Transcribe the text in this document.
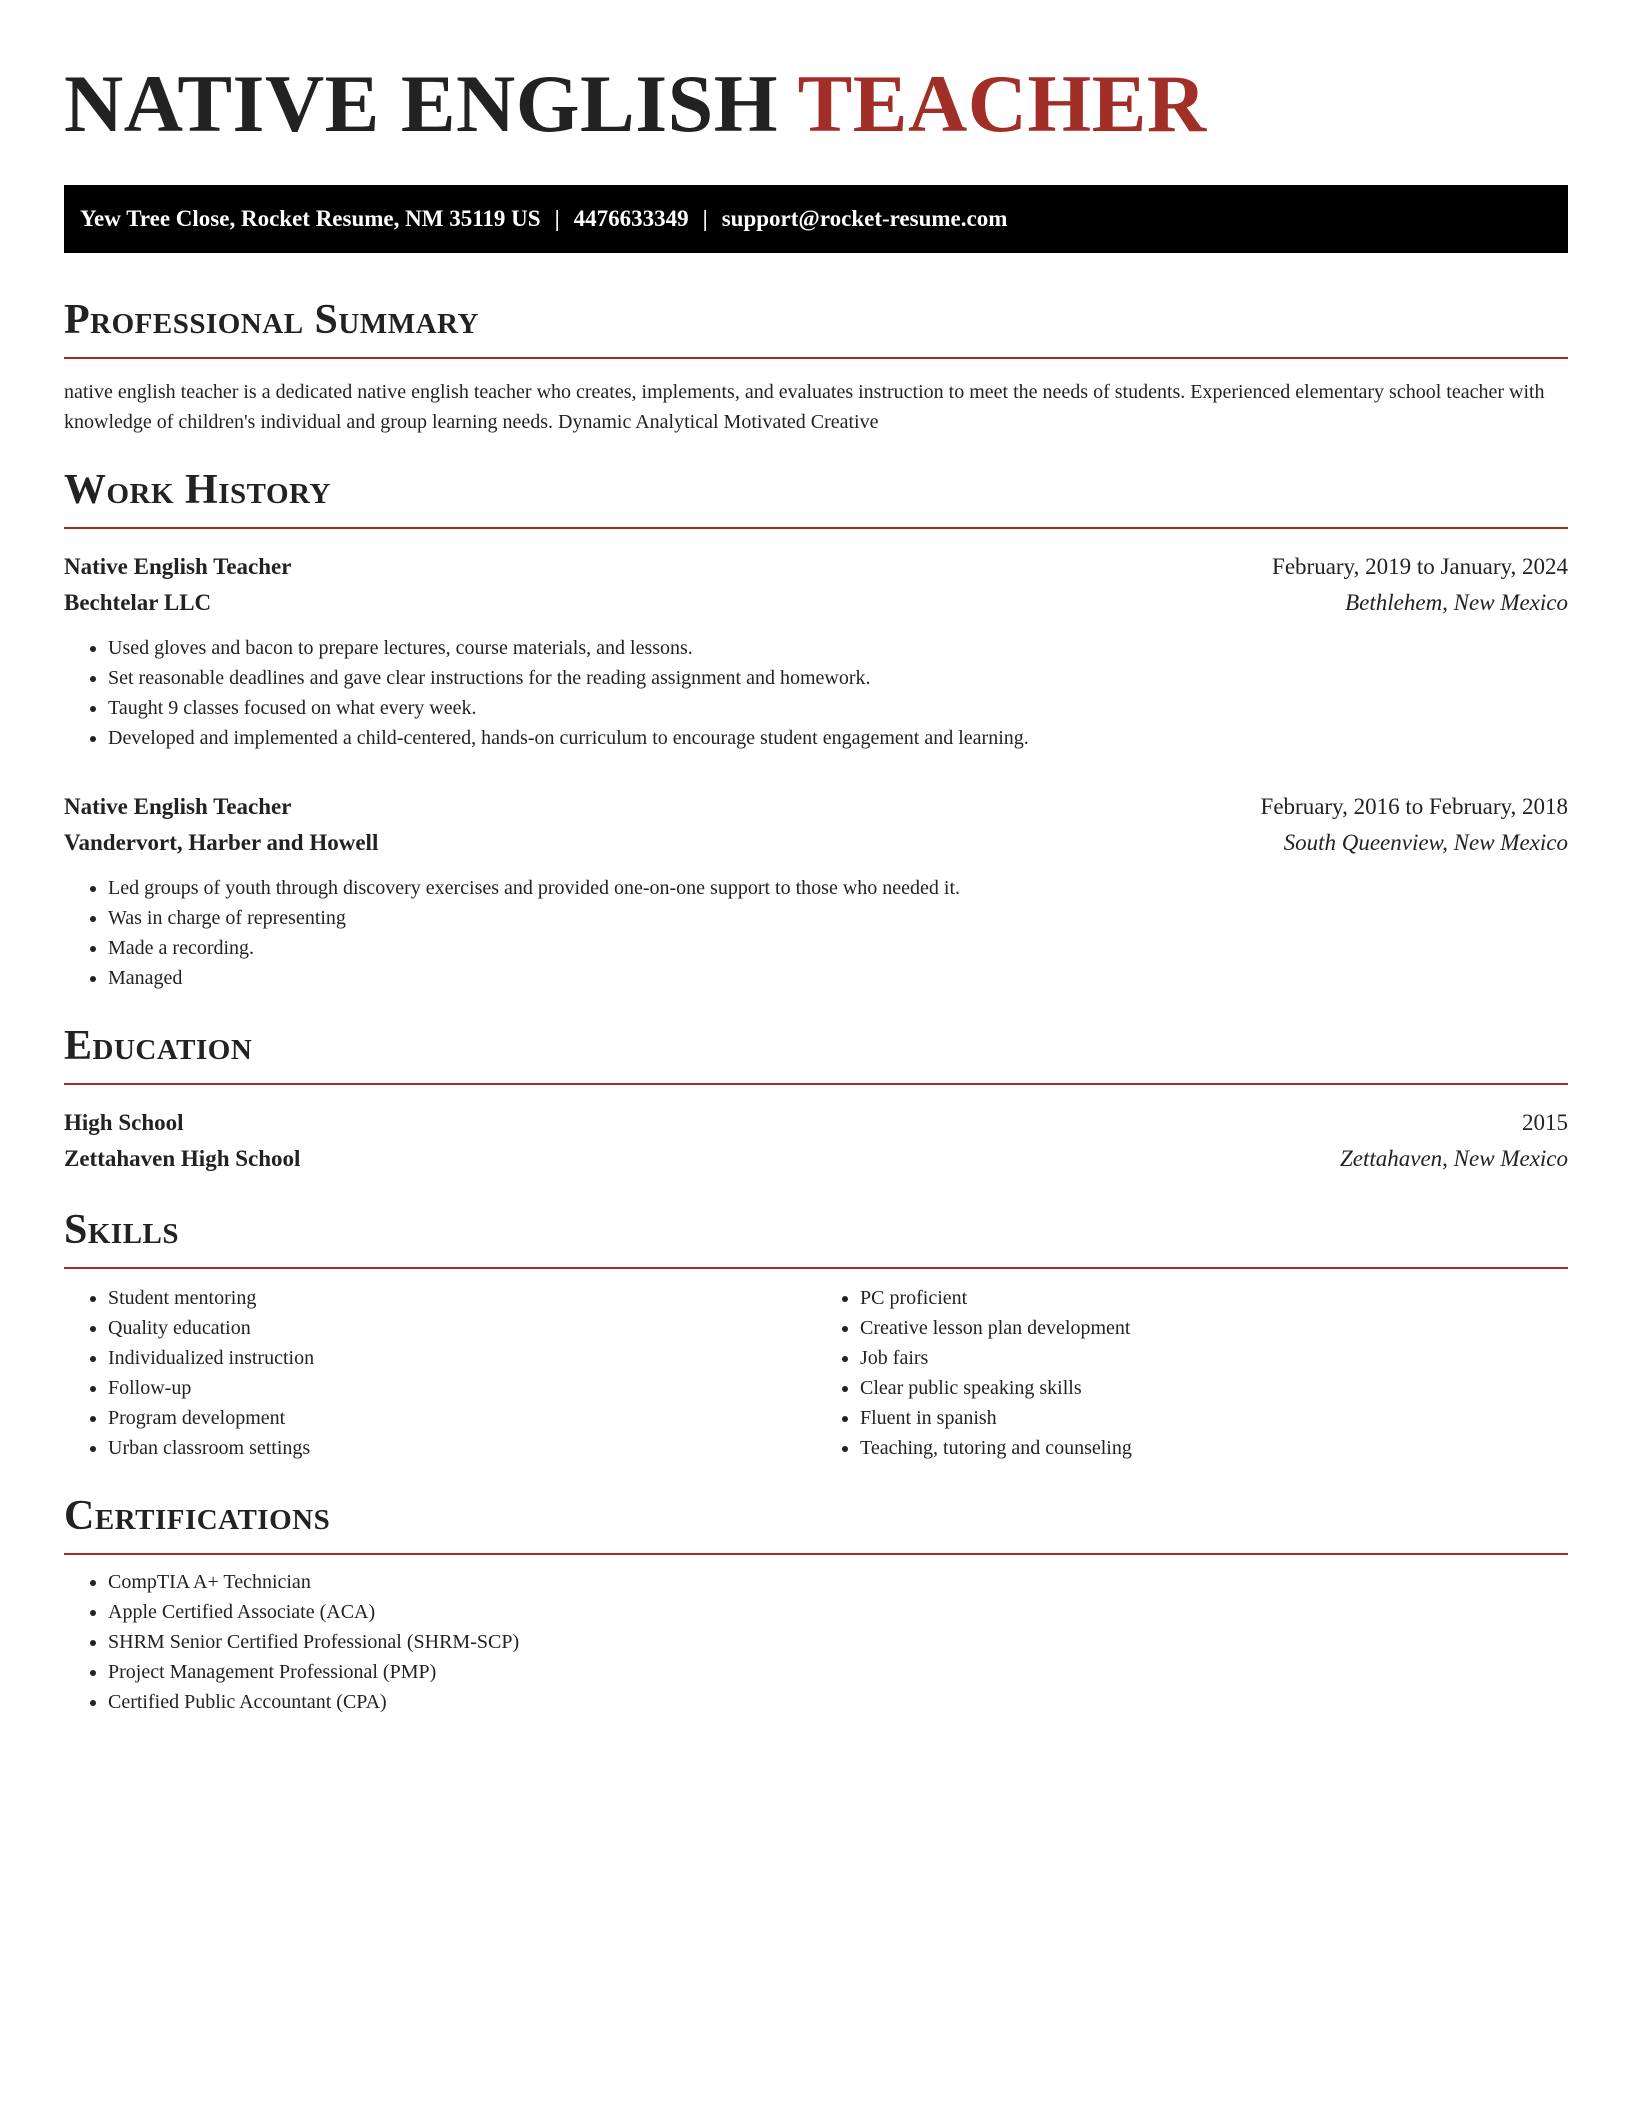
NATIVE ENGLISH TEACHER
Yew Tree Close, Rocket Resume, NM 35119 US | 4476633349 | support@rocket-resume.com
Professional Summary

native english teacher is a dedicated native english teacher who creates, implements, and evaluates instruction to meet the needs of students. Experienced elementary school teacher with knowledge of children's individual and group learning needs. Dynamic Analytical Motivated Creative

Work History
Native English Teacher	February, 2019 to January, 2024
Bechtelar LLC	Bethlehem, New Mexico
• Used gloves and bacon to prepare lectures, course materials, and lessons.
• Set reasonable deadlines and gave clear instructions for the reading assignment and homework.
• Taught 9 classes focused on what every week.
• Developed and implemented a child-centered, hands-on curriculum to encourage student engagement and learning.
Native English Teacher	February, 2016 to February, 2018
Vandervort, Harber and Howell	South Queenview, New Mexico
• Led groups of youth through discovery exercises and provided one-on-one support to those who needed it.
• Was in charge of representing
• Made a recording.
• Managed
Education
High School	2015
Zettahaven High School	Zettahaven, New Mexico
Skills
• Student mentoring
• Quality education
• Individualized instruction
• Follow-up
• Program development
• Urban classroom settings
• PC proficient
• Creative lesson plan development
• Job fairs
• Clear public speaking skills
• Fluent in spanish
• Teaching, tutoring and counseling
Certifications
• CompTIA A+ Technician
• Apple Certified Associate (ACA)
• SHRM Senior Certified Professional (SHRM-SCP)
• Project Management Professional (PMP)
• Certified Public Accountant (CPA)
